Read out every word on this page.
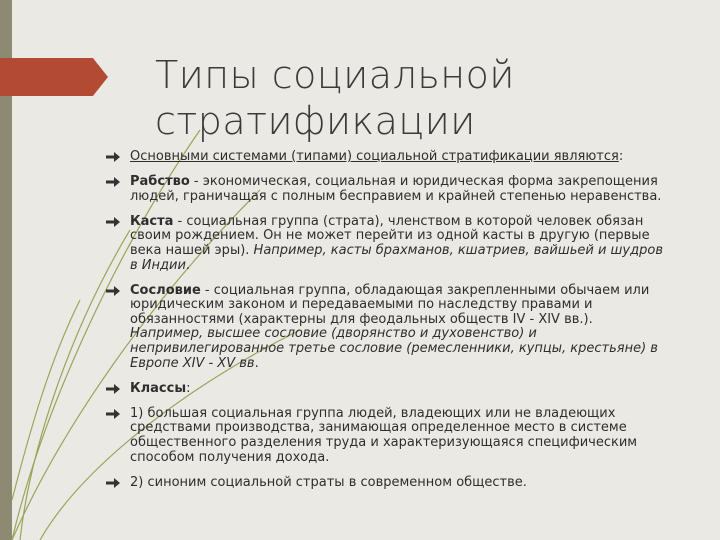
Типы социальной
стратификации
Основными системами (типами) социальной стратификации являются:
Рабство - экономическая, социальная и юридическая форма закрепощения людей, граничащая с полным бесправием и крайней степенью неравенства.
Каста - социальная группа (страта), членством в которой человек обязан своим рождением. Он не может перейти из одной касты в другую (первые века нашей эры). Например, касты брахманов, кшатриев, вайшьей и шудров в Индии.
Сословие - социальная группа, обладающая закрепленными обычаем или юридическим законом и передаваемыми по наследству правами и обязанностями (характерны для феодальных обществ IV - XIV вв.). Например, высшее сословие (дворянство и духовенство) и непривилегированное третье сословие (ремесленники, купцы, крестьяне) в Европе XIV - XV вв.
Классы:
1) большая социальная группа людей, владеющих или не владеющих средствами производства, занимающая определенное место в системе общественного разделения труда и характеризующаяся специфическим способом получения дохода.
2) синоним социальной страты в современном обществе.
